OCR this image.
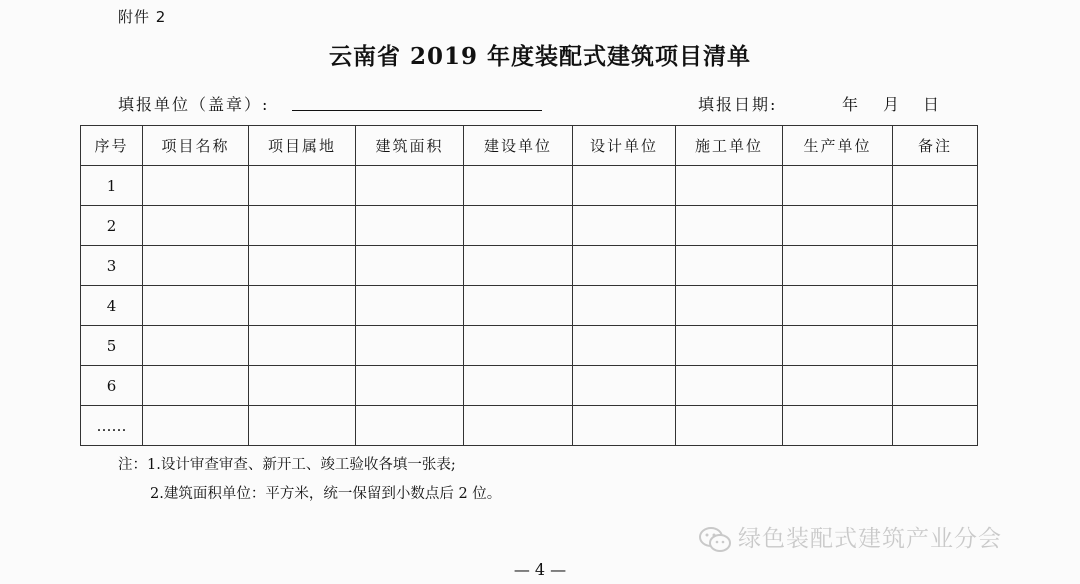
附件 2
云南省 2019 年度装配式建筑项目清单
填报单位（盖章）:	填报日期:	年 月 日
序号	项目名称	项目属地	建筑面积	建设单位	设计单位	施工单位	生产单位	备注
1								
2								
3								
4								
5								
6								
……								
注：1.设计审查审查、新开工、竣工验收各填一张表;
2.建筑面积单位：平方米，统一保留到小数点后 2 位。
绿色装配式建筑产业分会
— 4 —
